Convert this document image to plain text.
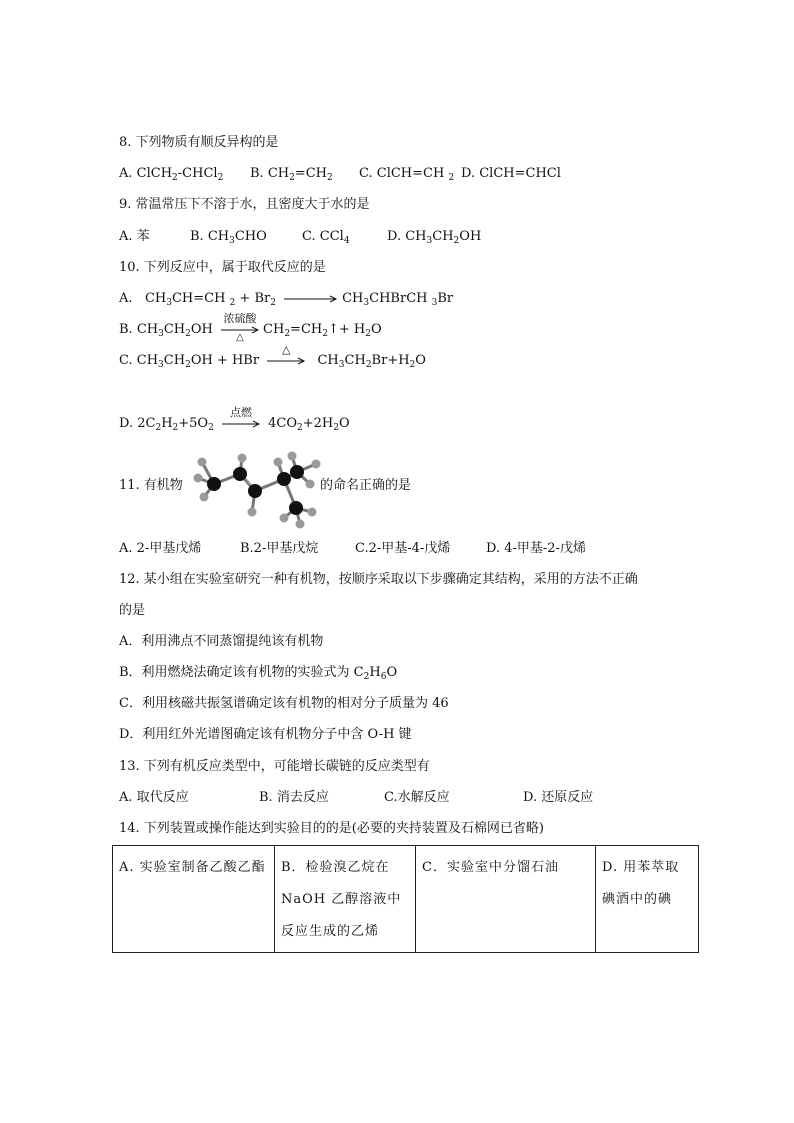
8. 下列物质有顺反异构的是
A. ClCH$_2$-CHCl$_2$ B. $CH_2=CH_2$ C. ClCH=CH $_2$ D. ClCH=CHCl
9. 常温常压下不溶于水，且密度大于水的是
A. 苯	B. $CH_3CHO$	C. CCl$_4$	D. $CH_3CH_2OH$
10. 下列反应中，属于取代反应的是
A. $CH_3CH=CH$ $_2 + Br_2$	$CH_3CHBrCH$ $_3$Br
B. $CH_3CH_2OH$
浓硫酸
△	$CH_2=CH_2↑+ H_2O$
C. $CH_3CH_2OH$ + HBr
△
$CH_3CH_2Br+H_2O$
D. $2C_2H_2+5O_2$
点燃
$4CO_2+2H_2O$
11. 有机物	的命名正确的是
A. 2-甲基戊烯	B.2-甲基戊烷	C.2-甲基-4-戊烯	D. 4-甲基-2-戊烯
12. 某小组在实验室研究一种有机物，按顺序采取以下步骤确定其结构，采用的方法不正确
的是
A．利用沸点不同蒸馏提纯该有机物
B．利用燃烧法确定该有机物的实验式为 $C_2H_6O$
C．利用核磁共振氢谱确定该有机物的相对分子质量为 46
D．利用红外光谱图确定该有机物分子中含 O-H 键
13. 下列有机反应类型中，可能增长碳链的反应类型有
A. 取代反应	B. 消去反应	C.水解反应	D. 还原反应
14. 下列装置或操作能达到实验目的的是(必要的夹持装置及石棉网已省略)
A. 实验室制备乙酸乙酯	B．检验溴乙烷在 NaOH 乙醇溶液中反应生成的乙烯	C．实验室中分馏石油	D. 用苯萃取碘酒中的碘
